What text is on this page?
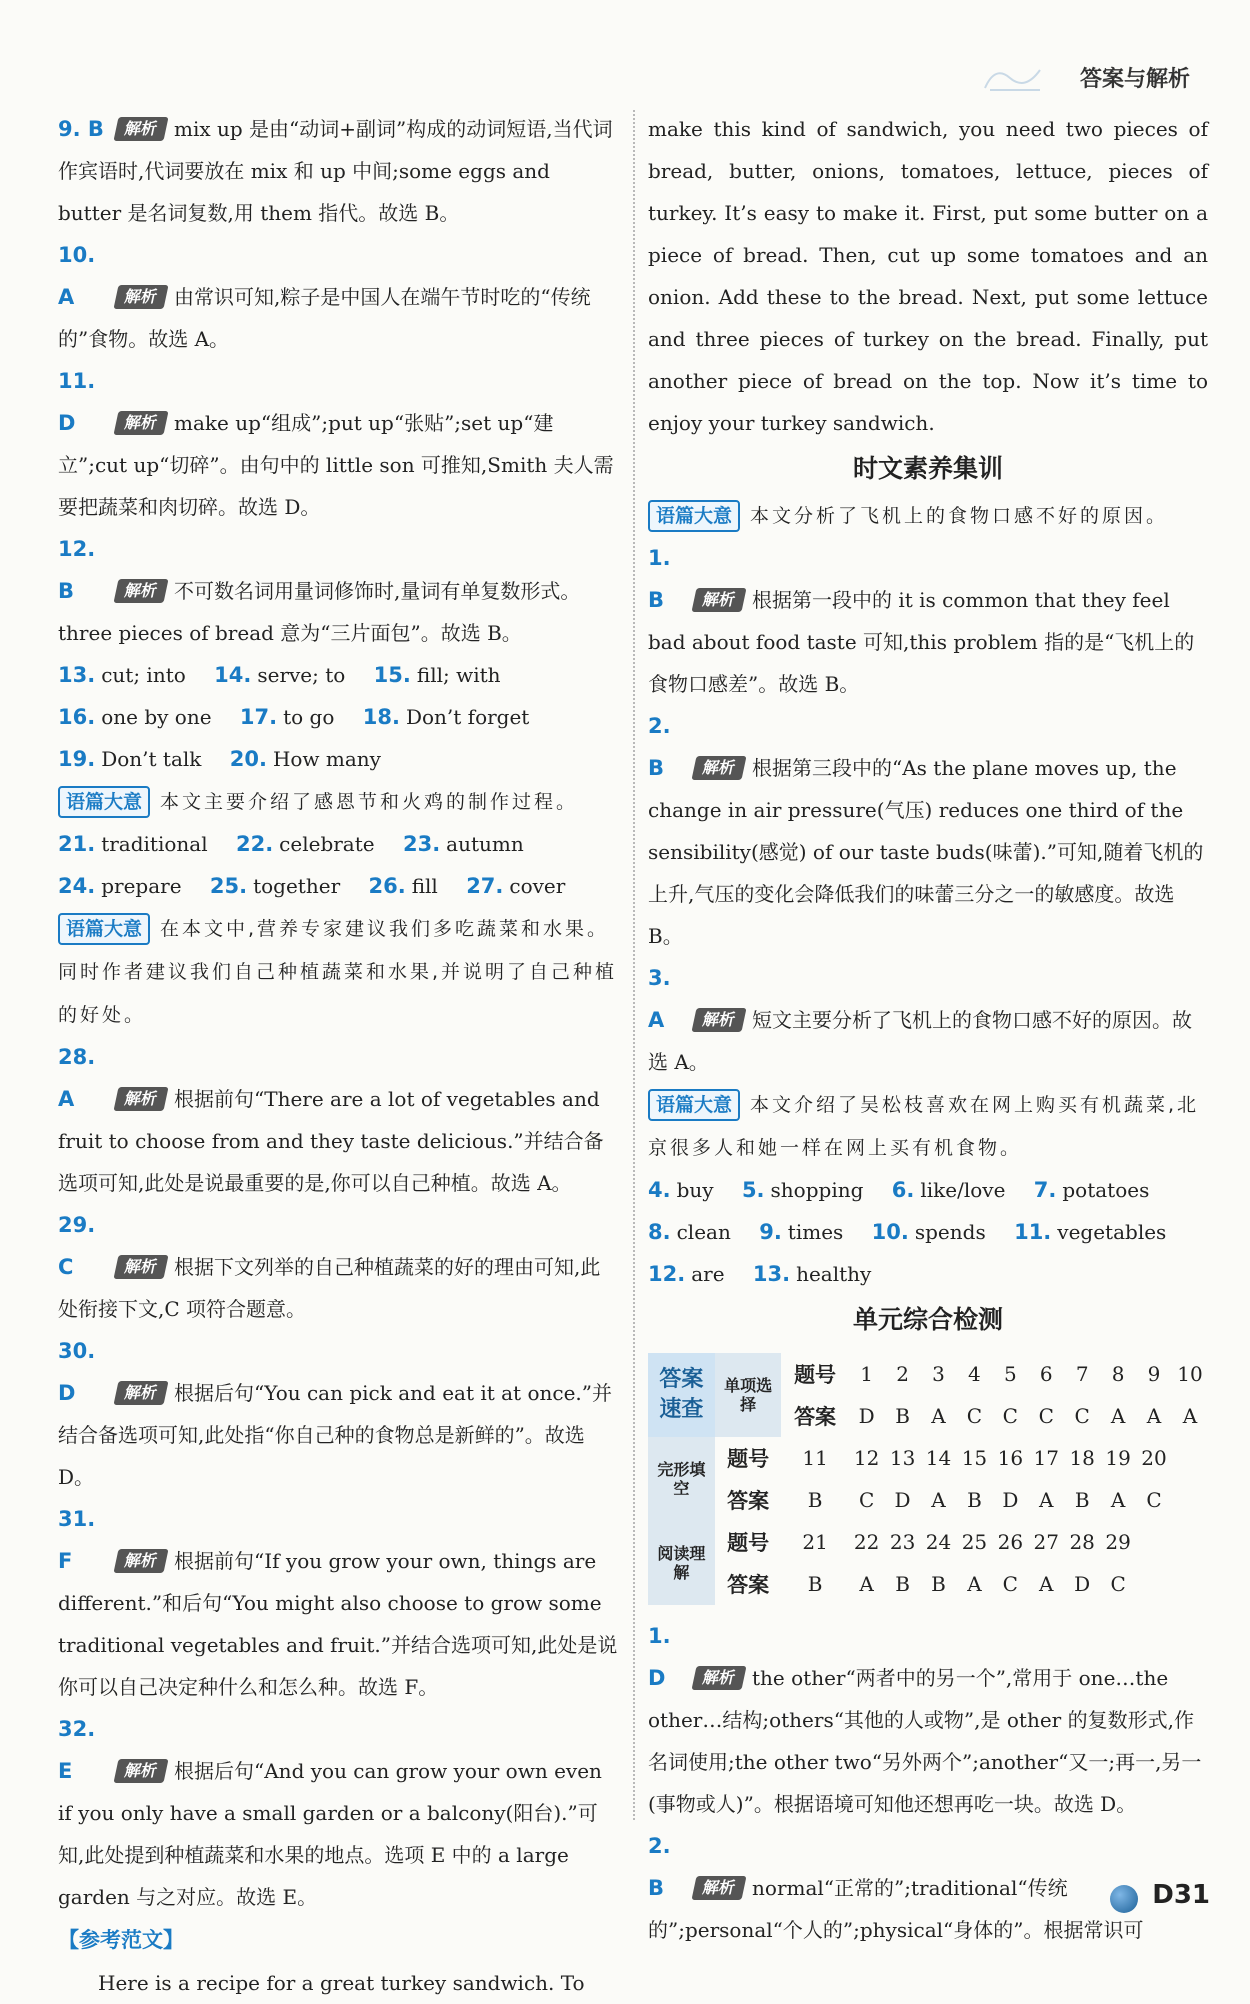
答案与解析
9. B 解析 mix up 是由“动词+副词”构成的动词短语,当代词作宾语时,代词要放在 mix 和 up 中间;some eggs and butter 是名词复数,用 them 指代。故选 B。
10. A	解析 由常识可知,粽子是中国人在端午节时吃的“传统的”食物。故选 A。
11. D	解析 make up“组成”;put up“张贴”;set up“建立”;cut up“切碎”。由句中的 little son 可推知,Smith 夫人需要把蔬菜和肉切碎。故选 D。
12. B	解析 不可数名词用量词修饰时,量词有单复数形式。three pieces of bread 意为“三片面包”。故选 B。
13. cut; into 14. serve; to 15. fill; with
16. one by one 17. to go 18. Don’t forget
19. Don’t talk 20. How many
语篇大意 本文主要介绍了感恩节和火鸡的制作过程。
21. traditional 22. celebrate 23. autumn
24. prepare 25. together 26. fill 27. cover
语篇大意 在本文中,营养专家建议我们多吃蔬菜和水果。同时作者建议我们自己种植蔬菜和水果,并说明了自己种植的好处。
28. A	解析 根据前句“There are a lot of vegetables and fruit to choose from and they taste delicious.”并结合备选项可知,此处是说最重要的是,你可以自己种植。故选 A。
29. C	解析 根据下文列举的自己种植蔬菜的好的理由可知,此处衔接下文,C 项符合题意。
30. D	解析 根据后句“You can pick and eat it at once.”并结合备选项可知,此处指“你自己种的食物总是新鲜的”。故选 D。
31. F	解析 根据前句“If you grow your own, things are different.”和后句“You might also choose to grow some traditional vegetables and fruit.”并结合选项可知,此处是说你可以自己决定种什么和怎么种。故选 F。
32. E	解析 根据后句“And you can grow your own even if you only have a small garden or a balcony(阳台).”可知,此处提到种植蔬菜和水果的地点。选项 E 中的 a large garden 与之对应。故选 E。
【参考范文】
Here is a recipe for a great turkey sandwich. To
make this kind of sandwich, you need two pieces of bread, butter, onions, tomatoes, lettuce, pieces of turkey. It’s easy to make it. First, put some butter on a piece of bread. Then, cut up some tomatoes and an onion. Add these to the bread. Next, put some lettuce and three pieces of turkey on the bread. Finally, put another piece of bread on the top. Now it’s time to enjoy your turkey sandwich.
时文素养集训
语篇大意 本文分析了飞机上的食物口感不好的原因。
1. B 解析 根据第一段中的 it is common that they feel bad about food taste 可知,this problem 指的是“飞机上的食物口感差”。故选 B。
2. B 解析 根据第三段中的“As the plane moves up, the change in air pressure(气压) reduces one third of the sensibility(感觉) of our taste buds(味蕾).”可知,随着飞机的上升,气压的变化会降低我们的味蕾三分之一的敏感度。故选 B。
3. A 解析 短文主要分析了飞机上的食物口感不好的原因。故选 A。
语篇大意 本文介绍了吴松枝喜欢在网上购买有机蔬菜,北京很多人和她一样在网上买有机食物。
4. buy 5. shopping 6. like/love 7. potatoes
8. clean 9. times 10. spends 11. vegetables
12. are 13. healthy
单元综合检测
答案速查	单项选择	题号	1	2	3	4	5	6	7	8	9	10
		答案	D	B	A	C	C	C	C	A	A	A
完形填空	题号	11	12	13	14	15	16	17	18	19	20	
	答案	B	C	D	A	B	D	A	B	A	C	
阅读理解	题号	21	22	23	24	25	26	27	28	29		
	答案	B	A	B	B	A	C	A	D	C		
1. D 解析 the other“两者中的另一个”,常用于 one…the other…结构;others“其他的人或物”,是 other 的复数形式,作名词使用;the other two“另外两个”;another“又一;再一,另一(事物或人)”。根据语境可知他还想再吃一块。故选 D。
2. B 解析 normal“正常的”;traditional“传统的”;personal“个人的”;physical“身体的”。根据常识可
D31
